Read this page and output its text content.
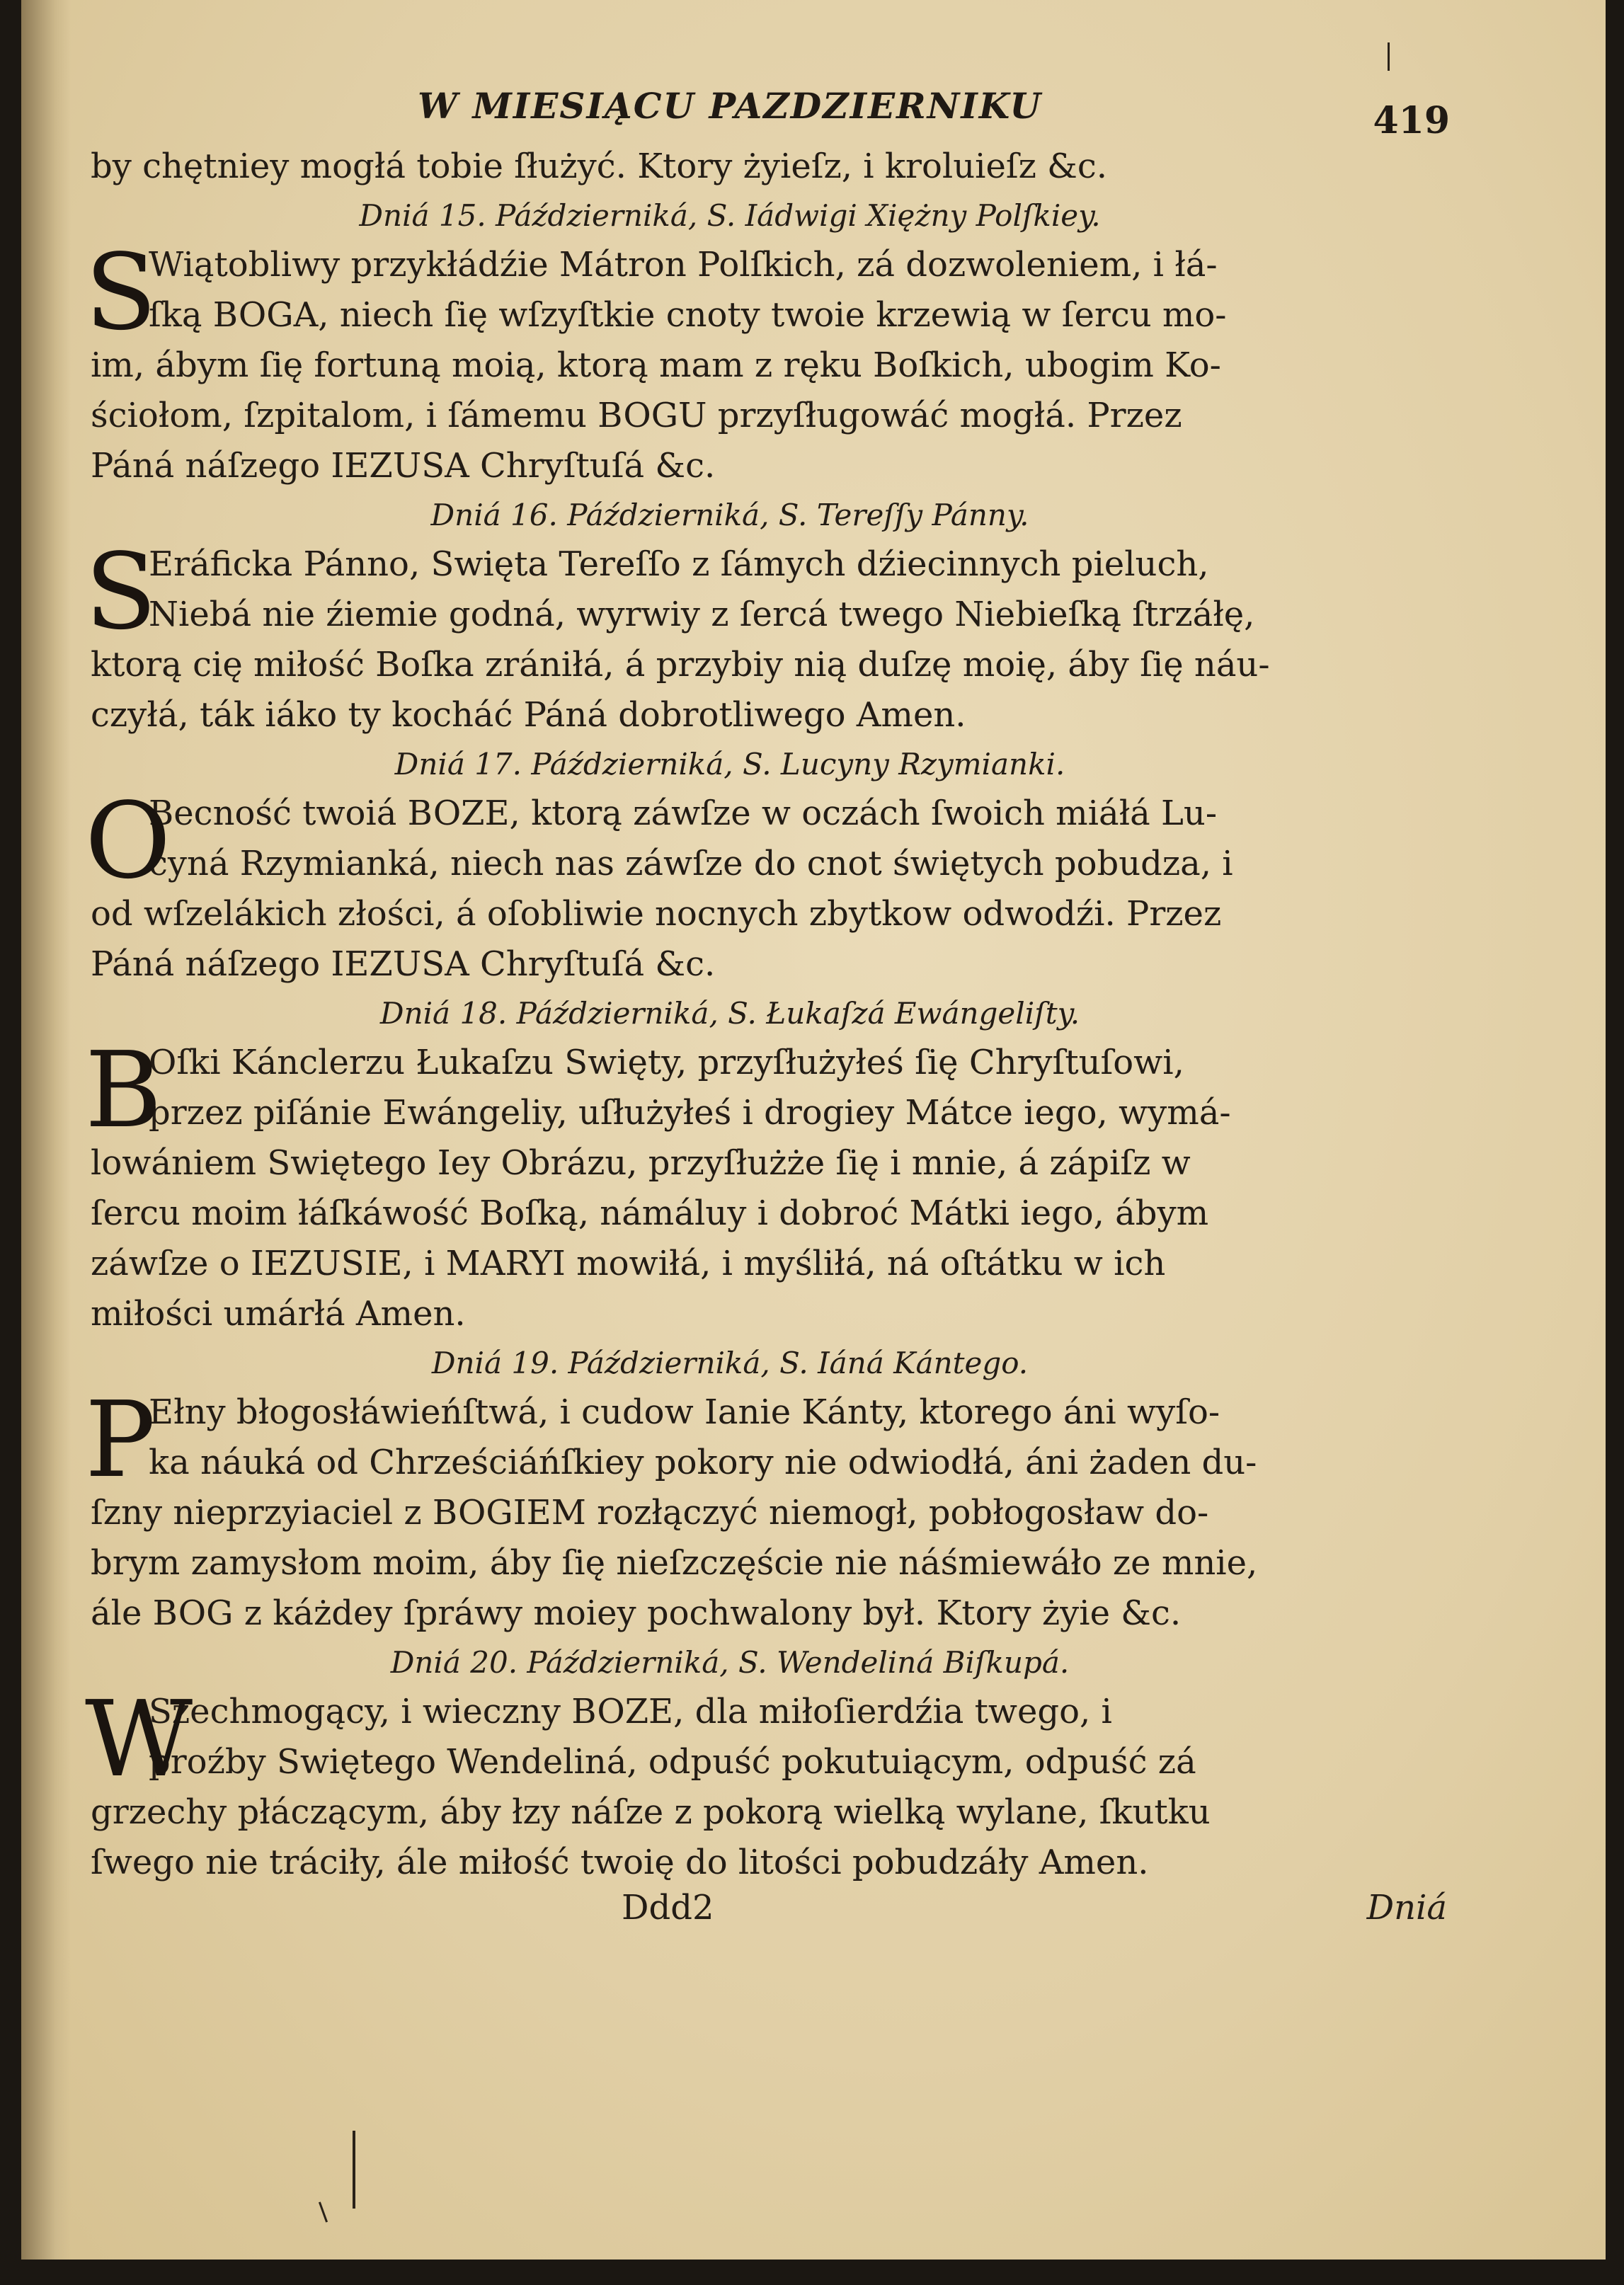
W MIESIĄCU PAZDZIERNIKU	419
by chętniey mogłá tobie ſłużyć. Ktory żyieſz, i kroluieſz &c.
Dniá 15. Páździerniká, S. Iádwigi Xiężny Polſkiey.
S
Wiątobliwy przykłádźie Mátron Polſkich, zá dozwoleniem, i łá-
ſką BOGA, niech ſię wſzyſtkie cnoty twoie krzewią w ſercu mo-
im, ábym ſię fortuną moią, ktorą mam z ręku Boſkich, ubogim Ko-
ściołom, ſzpitalom, i ſámemu BOGU przyſługowáć mogłá. Przez
Páná náſzego IEZUSA Chryſtuſá &c.
Dniá 16. Páździerniká, S. Tereſſy Pánny.
S
Eráficka Pánno, Swięta Tereſſo z ſámych dźiecinnych pieluch,
Niebá nie źiemie godná, wyrwiy z ſercá twego Niebieſką ſtrzáłę,
ktorą cię miłość Boſka zrániłá, á przybiy nią duſzę moię, áby ſię náu-
czyłá, ták iáko ty kocháć Páná dobrotliwego Amen.
Dniá 17. Páździerniká, S. Lucyny Rzymianki.
O
Becność twoiá BOZE, ktorą záwſze w oczách ſwoich miáłá Lu-
cyná Rzymianká, niech nas záwſze do cnot świętych pobudza, i
od wſzelákich złości, á oſobliwie nocnych zbytkow odwodźi. Przez
Páná náſzego IEZUSA Chryſtuſá &c.
Dniá 18. Páździerniká, S. Łukaſzá Ewángeliſty.
B
Oſki Kánclerzu Łukaſzu Swięty, przyſłużyłeś ſię Chryſtuſowi,
przez piſánie Ewángeliy, uſłużyłeś i drogiey Mátce iego, wymá-
lowániem Swiętego Iey Obrázu, przyſłużże ſię i mnie, á zápiſz w
ſercu moim łáſkáwość Boſką, námáluy i dobroć Mátki iego, ábym
záwſze o IEZUSIE, i MARYI mowiłá, i myśliłá, ná oſtátku w ich
miłości umárłá Amen.
Dniá 19. Páździerniká, S. Iáná Kántego.
P
Ełny błogosłáwieńſtwá, i cudow Ianie Kánty, ktorego áni wyſo-
ka náuká od Chrześciáńſkiey pokory nie odwiodłá, áni żaden du-
ſzny nieprzyiaciel z BOGIEM rozłączyć niemogł, pobłogosław do-
brym zamysłom moim, áby ſię nieſzczęście nie náśmiewáło ze mnie,
ále BOG z káżdey ſpráwy moiey pochwalony był. Ktory żyie &c.
Dniá 20. Páździerniká, S. Wendeliná Biſkupá.
W
Szechmogący, i wieczny BOZE, dla miłoſierdźia twego, i
proźby Swiętego Wendeliná, odpuść pokutuiącym, odpuść zá
grzechy płáczącym, áby łzy náſze z pokorą wielką wylane, ſkutku
ſwego nie tráciły, ále miłość twoię do litości pobudzáły Amen.
Ddd2	Dniá
